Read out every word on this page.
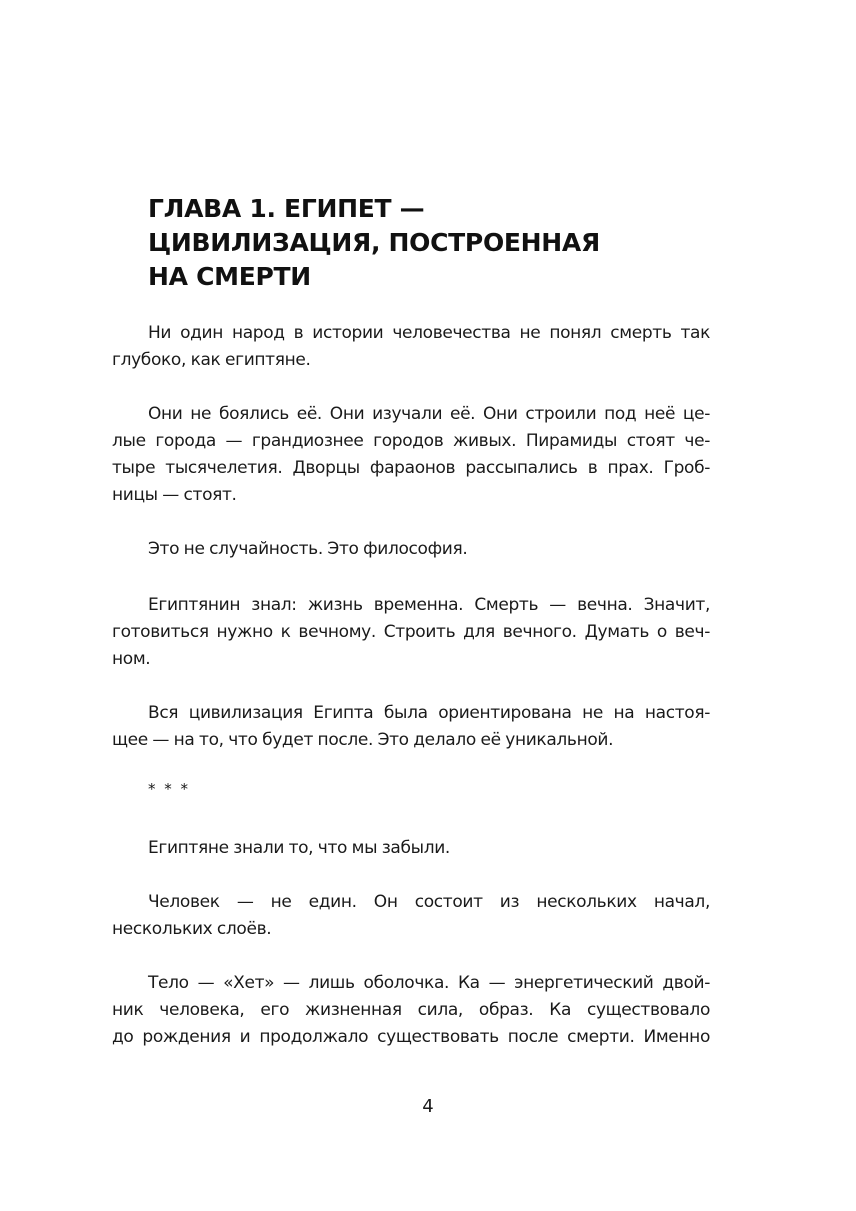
ГЛАВА 1. ЕГИПЕТ —
ЦИВИЛИЗАЦИЯ, ПОСТРОЕННАЯ
НА СМЕРТИ

Ни один народ в истории человечества не понял смерть так
глубоко, как египтяне.

Они не боялись её. Они изучали её. Они строили под неё це-
лые города — грандиознее городов живых. Пирамиды стоят че-
тыре тысячелетия. Дворцы фараонов рассыпались в прах. Гроб-
ницы — стоят.

Это не случайность. Это философия.

Египтянин знал: жизнь временна. Смерть — вечна. Значит,
готовиться нужно к вечному. Строить для вечного. Думать о веч-
ном.

Вся цивилизация Египта была ориентирована не на настоя-
щее — на то, что будет после. Это делало её уникальной.

* * *

Египтяне знали то, что мы забыли.

Человек — не един. Он состоит из нескольких начал,
нескольких слоёв.

Тело — «Хет» — лишь оболочка. Ка — энергетический двой-
ник человека, его жизненная сила, образ. Ка существовало
до рождения и продолжало существовать после смерти. Именно

4
